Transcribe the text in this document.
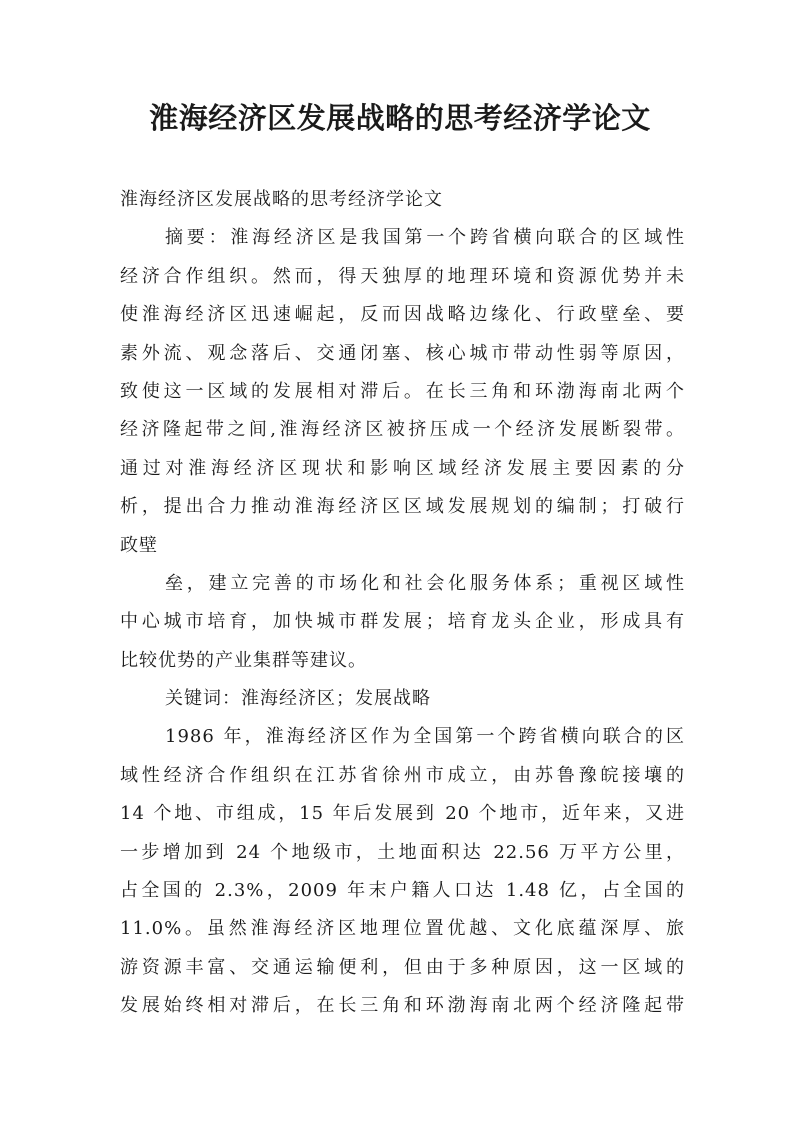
淮海经济区发展战略的思考经济学论文
淮海经济区发展战略的思考经济学论文
摘要：淮海经济区是我国第一个跨省横向联合的区域性
经济合作组织。然而，得天独厚的地理环境和资源优势并未
使淮海经济区迅速崛起，反而因战略边缘化、行政壁垒、要
素外流、观念落后、交通闭塞、核心城市带动性弱等原因，
致使这一区域的发展相对滞后。在长三角和环渤海南北两个
经济隆起带之间,淮海经济区被挤压成一个经济发展断裂带。
通过对淮海经济区现状和影响区域经济发展主要因素的分
析，提出合力推动淮海经济区区域发展规划的编制；打破行
政壁
垒，建立完善的市场化和社会化服务体系；重视区域性
中心城市培育，加快城市群发展；培育龙头企业，形成具有
比较优势的产业集群等建议。
关键词：淮海经济区；发展战略
1986 年，淮海经济区作为全国第一个跨省横向联合的区
域性经济合作组织在江苏省徐州市成立，由苏鲁豫皖接壤的
14 个地、市组成，15 年后发展到 20 个地市，近年来，又进
一步增加到 24 个地级市，土地面积达 22.56 万平方公里，
占全国的 2.3%，2009 年末户籍人口达 1.48 亿，占全国的
11.0%。虽然淮海经济区地理位置优越、文化底蕴深厚、旅
游资源丰富、交通运输便利，但由于多种原因，这一区域的
发展始终相对滞后，在长三角和环渤海南北两个经济隆起带
